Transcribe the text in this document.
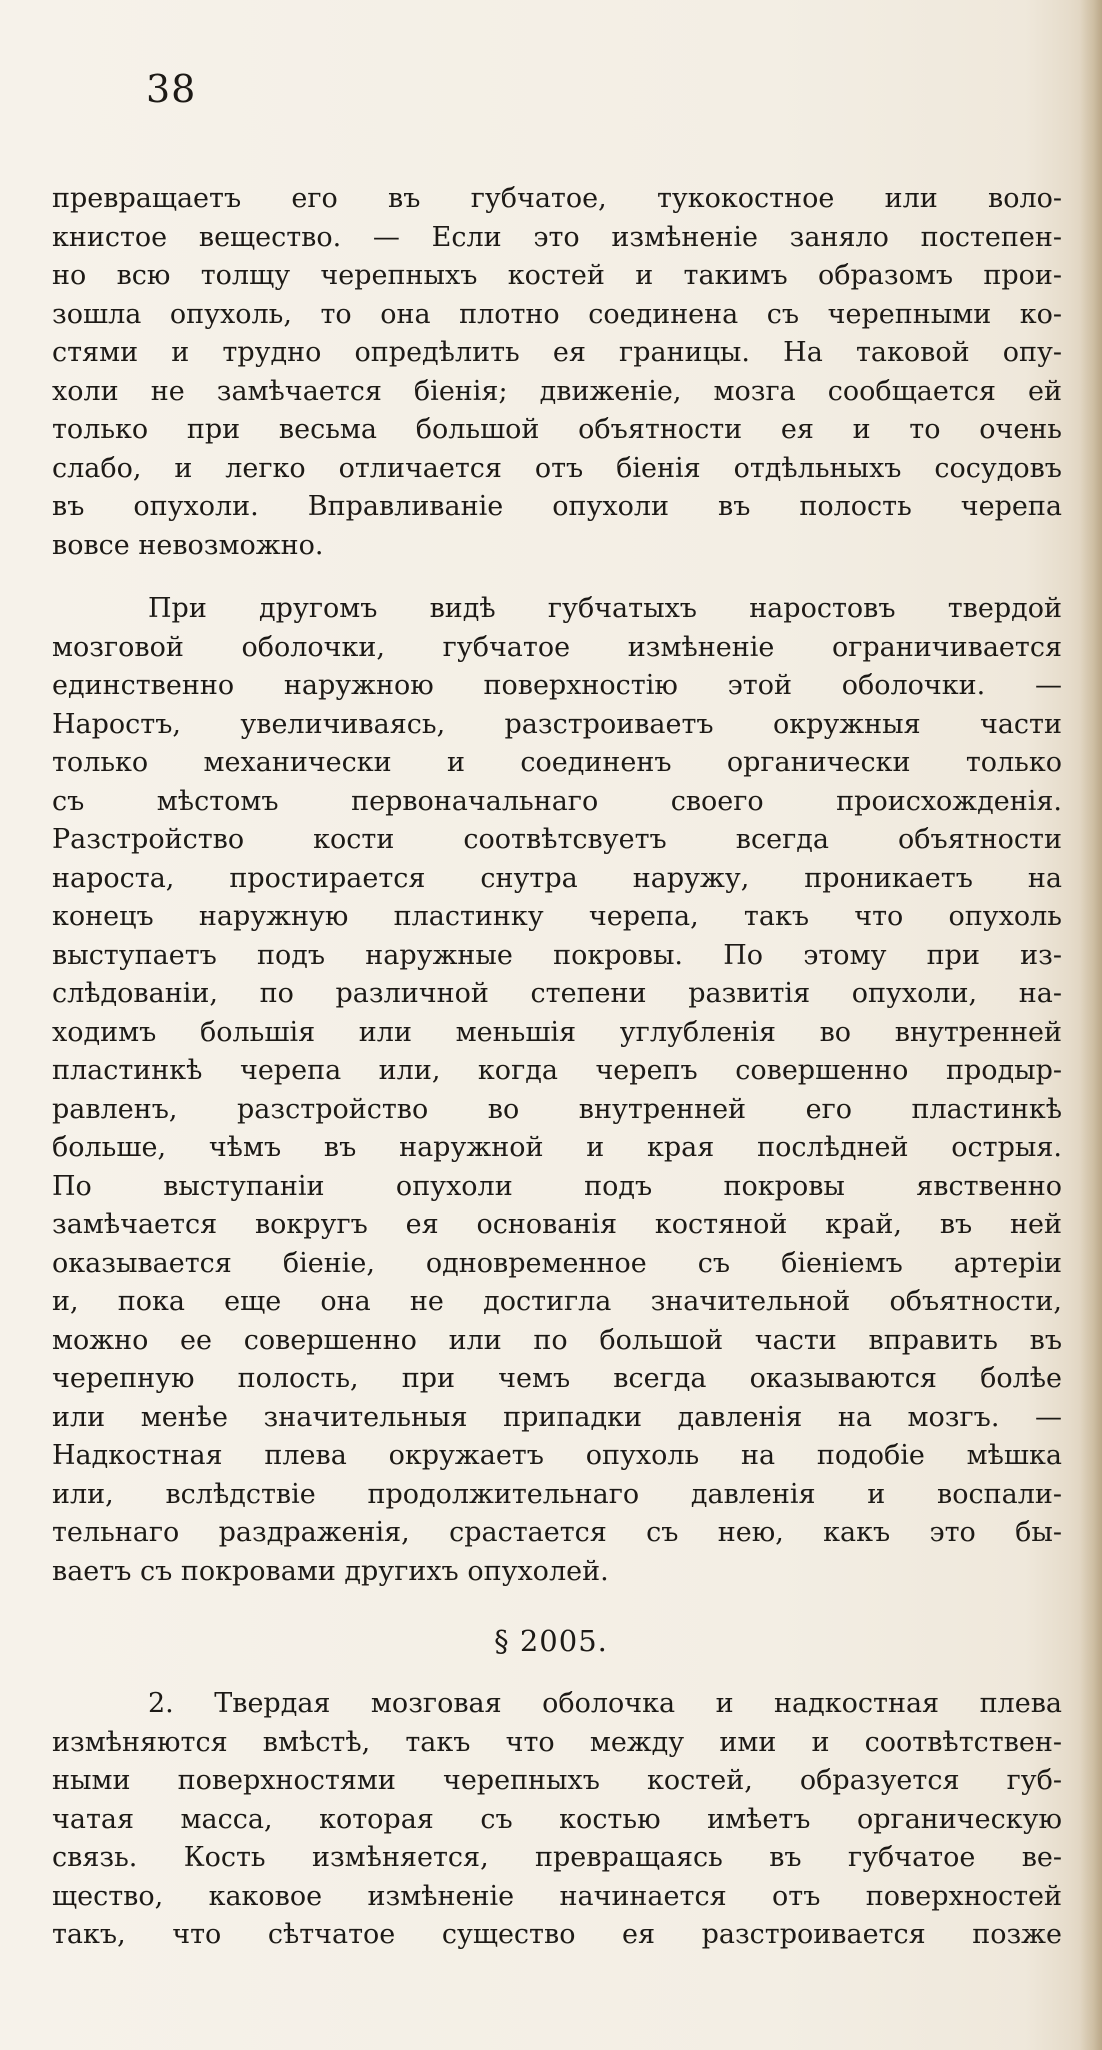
38
превращаетъ его въ губчатое, тукокостное или воло-
книстое вещество. — Если это измѣненіе заняло постепен-
но всю толщу черепныхъ костей и такимъ образомъ прои-
зошла опухоль, то она плотно соединена съ черепными ко-
стями и трудно опредѣлить ея границы. На таковой опу-
холи не замѣчается біенія; движеніе, мозга сообщается ей
только при весьма большой объятности ея и то очень
слабо, и легко отличается отъ біенія отдѣльныхъ сосудовъ
въ опухоли. Вправливаніе опухоли въ полость черепа
вовсе невозможно.
При другомъ видѣ губчатыхъ наростовъ твердой
мозговой оболочки, губчатое измѣненіе ограничивается
единственно наружною поверхностію этой оболочки. —
Наростъ, увеличиваясь, разстроиваетъ окружныя части
только механически и соединенъ органически только
съ мѣстомъ первоначальнаго своего происхожденія.
Разстройство кости соотвѣтсвуетъ всегда объятности
нароста, простирается снутра наружу, проникаетъ на
конецъ наружную пластинку черепа, такъ что опухоль
выступаетъ подъ наружные покровы. По этому при из-
слѣдованіи, по различной степени развитія опухоли, на-
ходимъ большія или меньшія углубленія во внутренней
пластинкѣ черепа или, когда черепъ совершенно продыр-
равленъ, разстройство во внутренней его пластинкѣ
больше, чѣмъ въ наружной и края послѣдней острыя.
По выступаніи опухоли подъ покровы явственно
замѣчается вокругъ ея основанія костяной край, въ ней
оказывается біеніе, одновременное съ біеніемъ артеріи
и, пока еще она не достигла значительной объятности,
можно ее совершенно или по большой части вправить въ
черепную полость, при чемъ всегда оказываются болѣе
или менѣе значительныя припадки давленія на мозгъ. —
Надкостная плева окружаетъ опухоль на подобіе мѣшка
или, вслѣдствіе продолжительнаго давленія и воспали-
тельнаго раздраженія, срастается съ нею, какъ это бы-
ваетъ съ покровами другихъ опухолей.
§ 2005.
2. Твердая мозговая оболочка и надкостная плева
измѣняются вмѣстѣ, такъ что между ими и соотвѣтствен-
ными поверхностями черепныхъ костей, образуется губ-
чатая масса, которая съ костью имѣетъ органическую
связь. Кость измѣняется, превращаясь въ губчатое ве-
щество, каковое измѣненіе начинается отъ поверхностей
такъ, что сѣтчатое существо ея разстроивается позже
